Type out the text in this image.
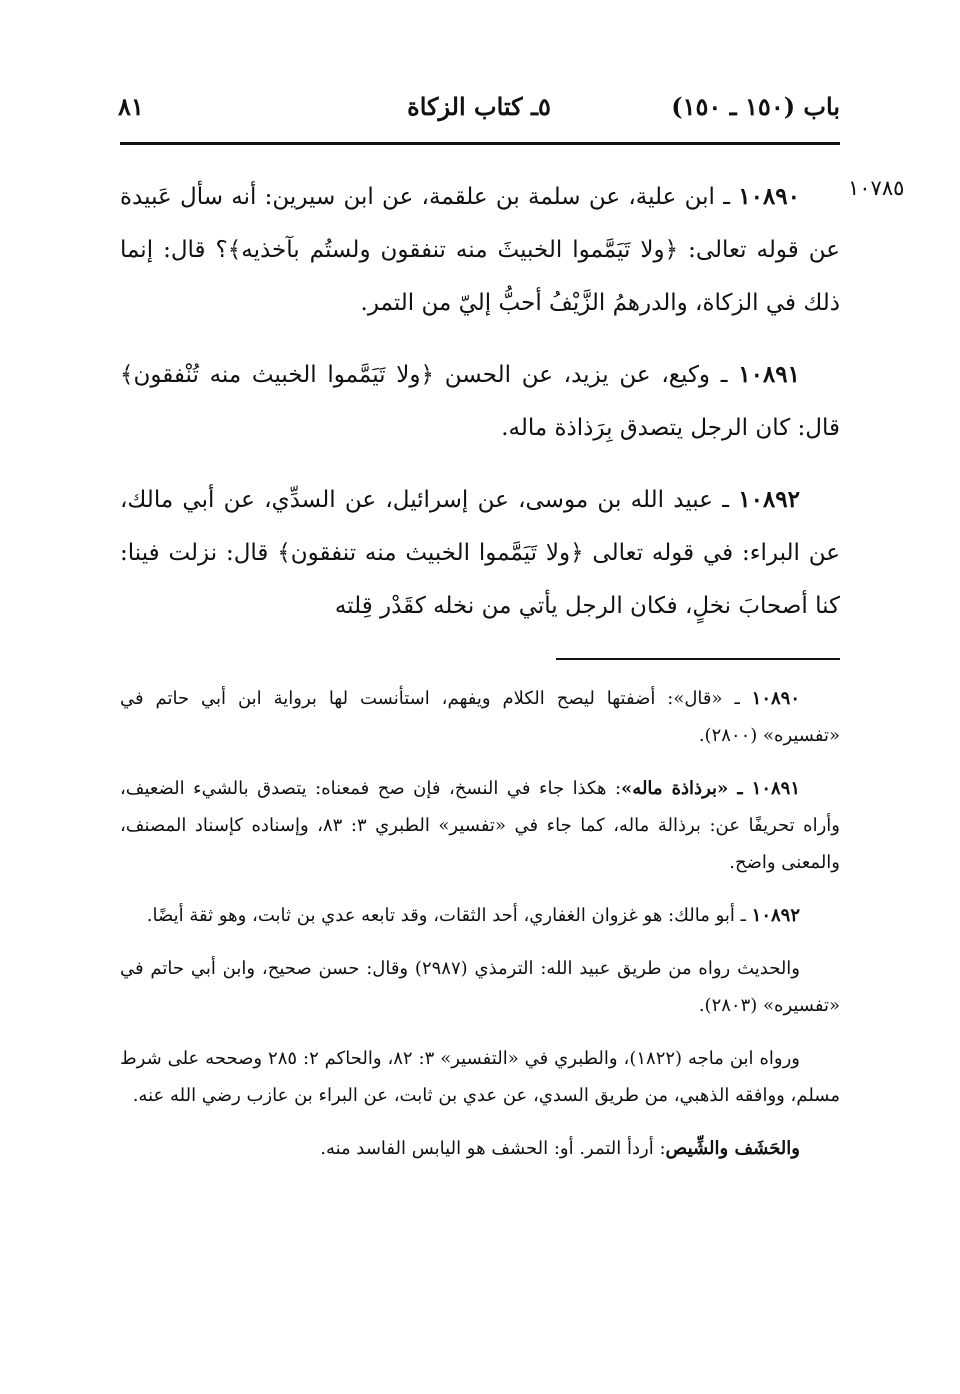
باب (١٥٠ ـ ١٥٠)
٥ـ كتاب الزكاة
٨١
١٠٧٨٥

١٠٨٩٠ ـ ابن علية، عن سلمة بن علقمة، عن ابن سيرين: أنه سأل عَبيدة عن قوله تعالى: ﴿ولا تَيَمَّموا الخبيثَ منه تنفقون ولستُم بآخذيه﴾؟ قال: إنما ذلك في الزكاة، والدرهمُ الزَّيْفُ أحبُّ إليّ من التمر.

١٠٨٩١ ـ وكيع، عن يزيد، عن الحسن ﴿ولا تَيَمَّموا الخبيث منه تُنْفقون﴾ قال: كان الرجل يتصدق بِرَذاذة ماله.

١٠٨٩٢ ـ عبيد الله بن موسى، عن إسرائيل، عن السدِّي، عن أبي مالك، عن البراء: في قوله تعالى ﴿ولا تَيَمَّموا الخبيث منه تنفقون﴾ قال: نزلت فينا: كنا أصحابَ نخلٍ، فكان الرجل يأتي من نخله كقَدْر قِلته

١٠٨٩٠ ـ «قال»: أضفتها ليصح الكلام ويفهم، استأنست لها برواية ابن أبي حاتم في «تفسيره» (٢٨٠٠).

١٠٨٩١ ـ «برذاذة ماله»: هكذا جاء في النسخ، فإن صح فمعناه: يتصدق بالشيء الضعيف، وأراه تحريفًا عن: برذالة ماله، كما جاء في «تفسير» الطبري ٣: ٨٣، وإسناده كإسناد المصنف، والمعنى واضح.

١٠٨٩٢ ـ أبو مالك: هو غزوان الغفاري، أحد الثقات، وقد تابعه عدي بن ثابت، وهو ثقة أيضًا.

والحديث رواه من طريق عبيد الله: الترمذي (٢٩٨٧) وقال: حسن صحيح، وابن أبي حاتم في «تفسيره» (٢٨٠٣).

ورواه ابن ماجه (١٨٢٢)، والطبري في «التفسير» ٣: ٨٢، والحاكم ٢: ٢٨٥ وصححه على شرط مسلم، ووافقه الذهبي، من طريق السدي، عن عدي بن ثابت، عن البراء بن عازب رضي الله عنه.

والحَشَف والشِّيص: أردأ التمر. أو: الحشف هو اليابس الفاسد منه.
